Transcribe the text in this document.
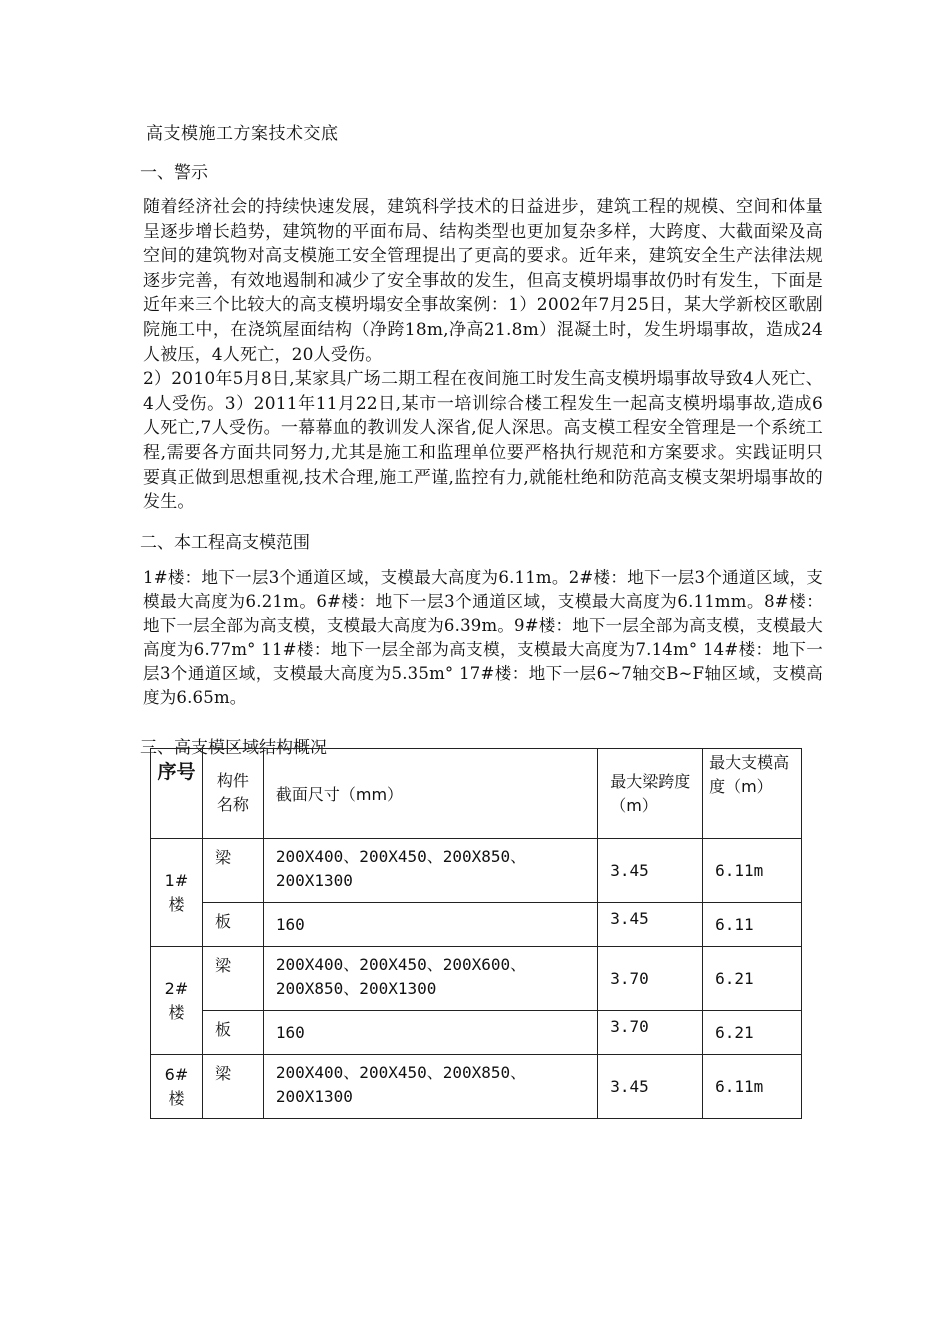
高支模施工方案技术交底
一、警示
随着经济社会的持续快速发展，建筑科学技术的日益进步，建筑工程的规模、空间和体量呈逐步增长趋势，建筑物的平面布局、结构类型也更加复杂多样，大跨度、大截面梁及高空间的建筑物对高支模施工安全管理提出了更高的要求。近年来，建筑安全生产法律法规逐步完善，有效地遏制和减少了安全事故的发生，但高支模坍塌事故仍时有发生，下面是近年来三个比较大的高支模坍塌安全事故案例：1）2002年7月25日，某大学新校区歌剧院施工中，在浇筑屋面结构（净跨18m,净高21.8m）混凝土时，发生坍塌事故，造成24人被压，4人死亡，20人受伤。
2）2010年5月8日,某家具广场二期工程在夜间施工时发生高支模坍塌事故导致4人死亡、4人受伤。3）2011年11月22日,某市一培训综合楼工程发生一起高支模坍塌事故,造成6人死亡,7人受伤。一幕幕血的教训发人深省,促人深思。高支模工程安全管理是一个系统工程,需要各方面共同努力,尤其是施工和监理单位要严格执行规范和方案要求。实践证明只要真正做到思想重视,技术合理,施工严谨,监控有力,就能杜绝和防范高支模支架坍塌事故的发生。
二、本工程高支模范围
1#楼：地下一层3个通道区域，支模最大高度为6.11m。2#楼：地下一层3个通道区域，支模最大高度为6.21m。6#楼：地下一层3个通道区域，支模最大高度为6.11mm。8#楼：地下一层全部为高支模，支模最大高度为6.39m。9#楼：地下一层全部为高支模，支模最大高度为6.77m° 11#楼：地下一层全部为高支模，支模最大高度为7.14m° 14#楼：地下一层3个通道区域，支模最大高度为5.35m° 17#楼：地下一层6~7轴交B~F轴区域，支模高度为6.65m。
三、高支模区域结构概况
序号	构件名称	截面尺寸（mm）	最大梁跨度（m）	最大支模高度（m）
1#楼	梁	200X400、200X450、200X850、200X1300	3.45	6.11m
	板	160	3.45	6.11
2#楼	梁	200X400、200X450、200X600、200X850、200X1300	3.70	6.21
	板	160	3.70	6.21
6#楼	梁	200X400、200X450、200X850、200X1300	3.45	6.11m
